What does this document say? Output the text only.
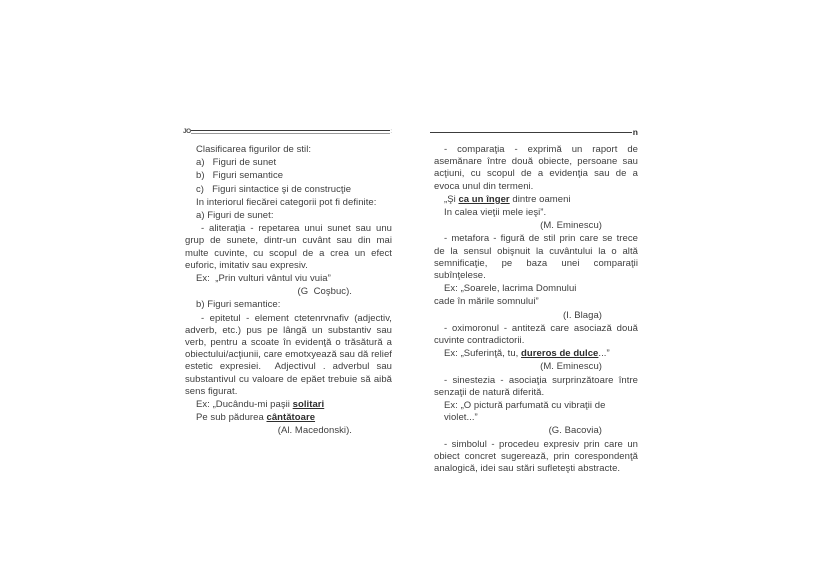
JO	:
Clasificarea figurilor de stil:
a)   Figuri de sunet
b)   Figuri semantice
c)   Figuri sintactice şi de construcţie
In interiorul fiecărei categorii pot fi definite:
a) Figuri de sunet:
- aliteraţia - repetarea unui sunet sau unu grup de sunete, dintr-un cuvânt sau din mai multe cuvinte, cu scopul de a crea un efect euforic, imitativ sau expresiv.
Ex:  „Prin vulturi vântul viu vuia”
(G  Coşbuc).
b) Figuri semantice:
- epitetul - element ctetenrvnafiv (adjectiv, adverb, etc.) pus pe lângă un substantiv sau verb, pentru a scoate în evidenţă o trăsătură a obiectului/acţiunii, care emotxyează sau dă relief estetic expresiei.  Adjectivul . adverbul sau substantivul cu valoare de epăet trebuie să aibă sens figurat.
Ex: „Ducându-mi paşii solitari
Pe sub pădurea cântătoare
(Al. Macedonski).
n
- comparaţia - exprimă un raport de asemănare între două obiecte, persoane sau acţiuni, cu scopul de a evidenţia sau de a evoca unul din termeni.
„Şi ca un înger dintre oameni
In calea vieţii mele ieşi”.
(M. Eminescu)
- metafora - figură de stil prin care se trece de la sensul obişnuit la cuvântului la o altă semnificaţie, pe baza unei comparaţii subînţelese.
Ex: „Soarele, lacrima Domnului
cade în mările somnului”
(I. Blaga)
- oximoronul - antiteză care asociază două cuvinte contradictorii.
Ex: „Suferinţă, tu, dureros de dulce...”
(M. Eminescu)
- sinestezia - asociaţia surprinzătoare între senzaţii de natură diferită.
Ex: „O pictură parfumată cu vibraţii de violet...”
(G. Bacovia)
- simbolul - procedeu expresiv prin care un obiect concret sugerează, prin corespondenţă analogică, idei sau stări sufleteşti abstracte.
